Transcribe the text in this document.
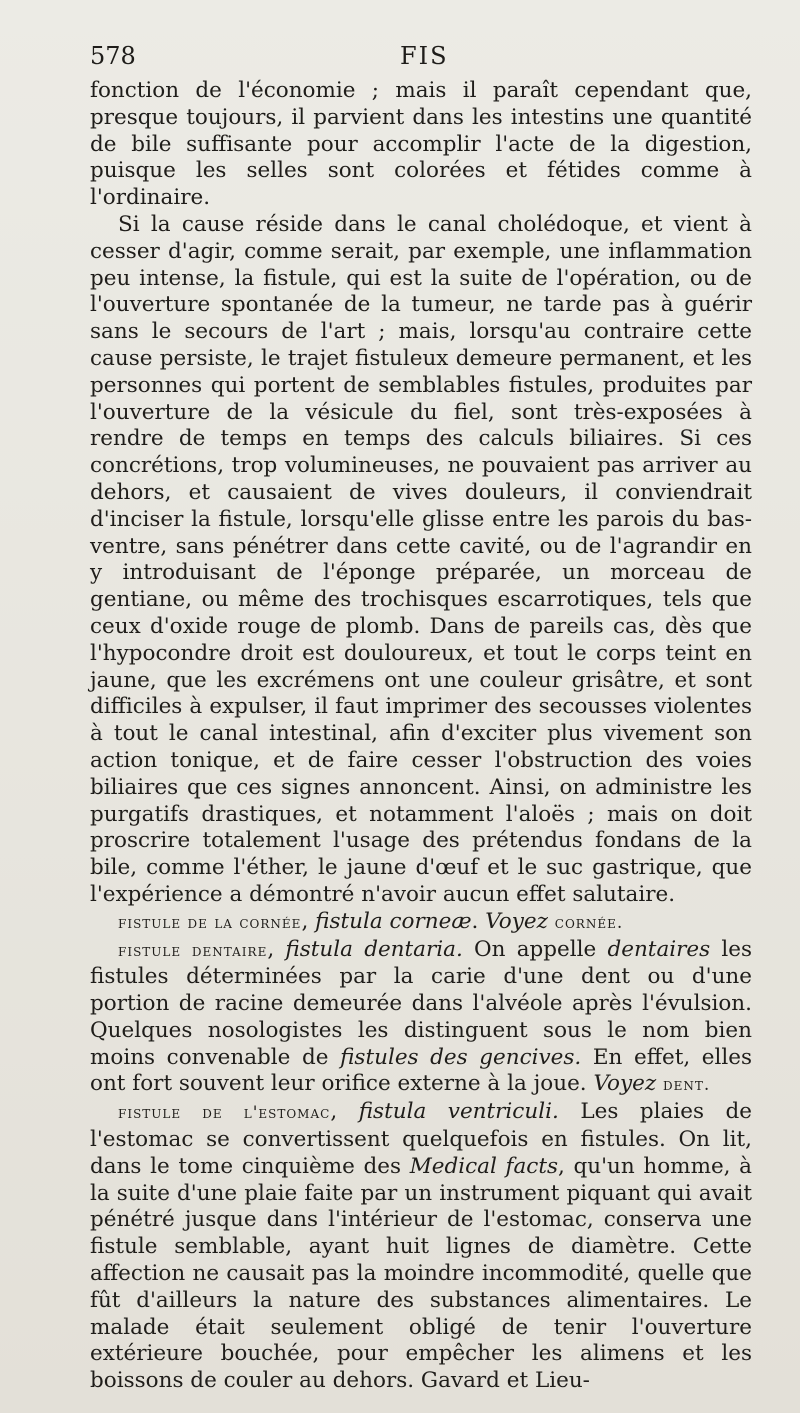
578	FIS

fonction de l'économie ; mais il paraît cependant que, presque toujours, il parvient dans les intestins une quantité de bile suffisante pour accomplir l'acte de la digestion, puisque les selles sont colorées et fétides comme à l'ordinaire.

Si la cause réside dans le canal cholédoque, et vient à cesser d'agir, comme serait, par exemple, une inflammation peu intense, la fistule, qui est la suite de l'opération, ou de l'ouverture spontanée de la tumeur, ne tarde pas à guérir sans le secours de l'art ; mais, lorsqu'au contraire cette cause persiste, le trajet fistuleux demeure permanent, et les personnes qui portent de semblables fistules, produites par l'ouverture de la vésicule du fiel, sont très-exposées à rendre de temps en temps des calculs biliaires. Si ces concrétions, trop volumineuses, ne pouvaient pas arriver au dehors, et causaient de vives douleurs, il conviendrait d'inciser la fistule, lorsqu'elle glisse entre les parois du bas-ventre, sans pénétrer dans cette cavité, ou de l'agrandir en y introduisant de l'éponge préparée, un morceau de gentiane, ou même des trochisques escarrotiques, tels que ceux d'oxide rouge de plomb. Dans de pareils cas, dès que l'hypocondre droit est douloureux, et tout le corps teint en jaune, que les excrémens ont une couleur grisâtre, et sont difficiles à expulser, il faut imprimer des secousses violentes à tout le canal intestinal, afin d'exciter plus vivement son action tonique, et de faire cesser l'obstruction des voies biliaires que ces signes annoncent. Ainsi, on administre les purgatifs drastiques, et notamment l'aloës ; mais on doit proscrire totalement l'usage des prétendus fondans de la bile, comme l'éther, le jaune d'œuf et le suc gastrique, que l'expérience a démontré n'avoir aucun effet salutaire.

fistule de la cornée, fistula corneæ. Voyez cornée.

fistule dentaire, fistula dentaria. On appelle dentaires les fistules déterminées par la carie d'une dent ou d'une portion de racine demeurée dans l'alvéole après l'évulsion. Quelques nosologistes les distinguent sous le nom bien moins convenable de fistules des gencives. En effet, elles ont fort souvent leur orifice externe à la joue. Voyez dent.

fistule de l'estomac, fistula ventriculi. Les plaies de l'estomac se convertissent quelquefois en fistules. On lit, dans le tome cinquième des Medical facts, qu'un homme, à la suite d'une plaie faite par un instrument piquant qui avait pénétré jusque dans l'intérieur de l'estomac, conserva une fistule semblable, ayant huit lignes de diamètre. Cette affection ne causait pas la moindre incommodité, quelle que fût d'ailleurs la nature des substances alimentaires. Le malade était seulement obligé de tenir l'ouverture extérieure bouchée, pour empêcher les alimens et les boissons de couler au dehors. Gavard et Lieu-
